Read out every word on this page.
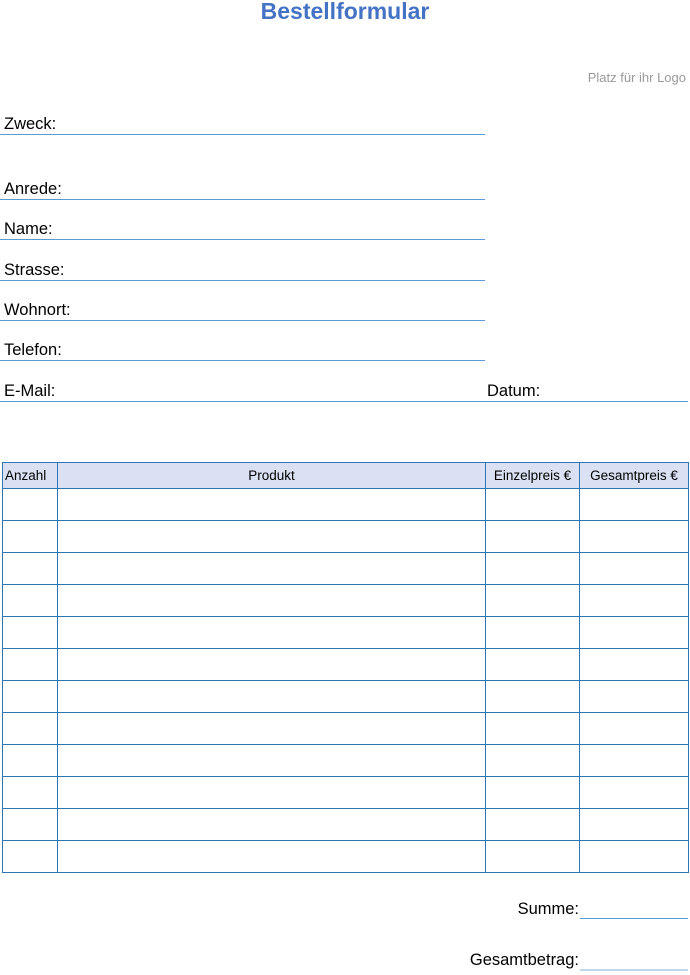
Bestellformular
Platz für ihr Logo
Zweck:
Anrede:
Name:
Strasse:
Wohnort:
Telefon:
E-Mail:	Datum:
Anzahl	Produkt	Einzelpreis €	Gesamtpreis €

Summe:
Gesamtbetrag:
